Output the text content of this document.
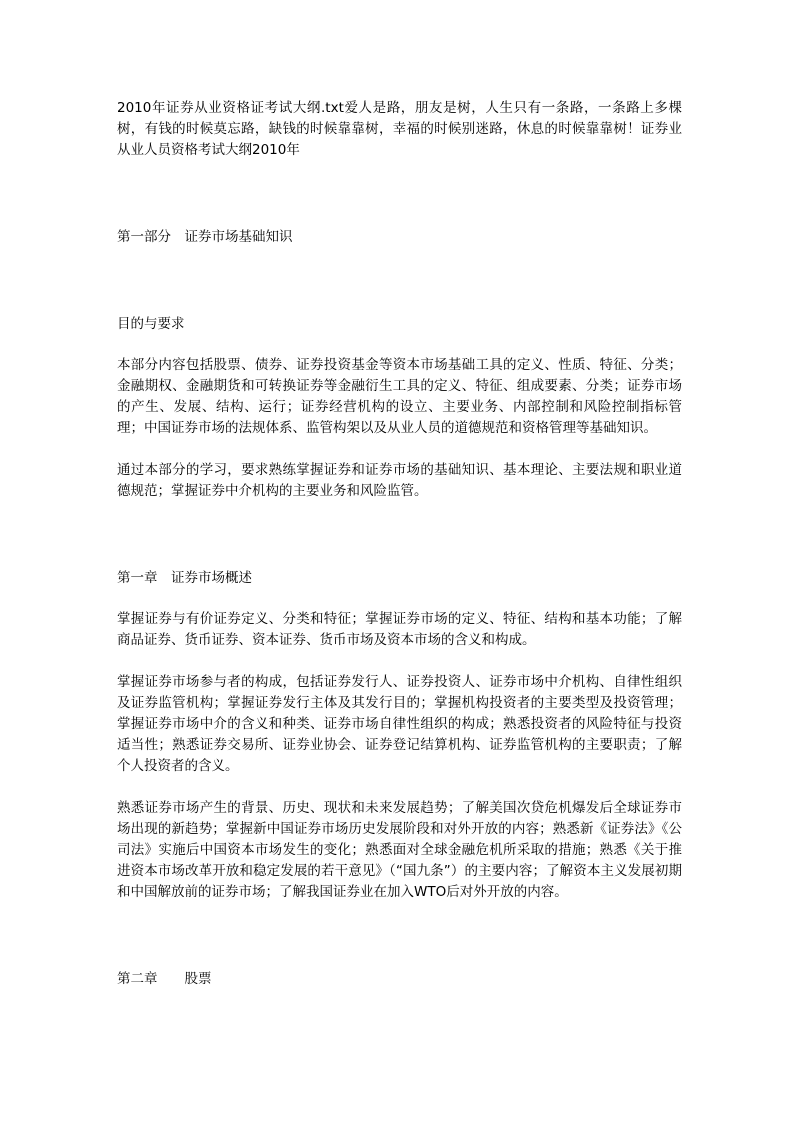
2010年证券从业资格证考试大纲.txt爱人是路，朋友是树，人生只有一条路，一条路上多棵树，有钱的时候莫忘路，缺钱的时候靠靠树，幸福的时候别迷路，休息的时候靠靠树！证券业从业人员资格考试大纲2010年

第一部分　证券市场基础知识

目的与要求

本部分内容包括股票、债券、证券投资基金等资本市场基础工具的定义、性质、特征、分类；金融期权、金融期货和可转换证券等金融衍生工具的定义、特征、组成要素、分类；证券市场的产生、发展、结构、运行；证券经营机构的设立、主要业务、内部控制和风险控制指标管理；中国证券市场的法规体系、监管构架以及从业人员的道德规范和资格管理等基础知识。

通过本部分的学习，要求熟练掌握证券和证券市场的基础知识、基本理论、主要法规和职业道德规范；掌握证券中介机构的主要业务和风险监管。

第一章　证券市场概述

掌握证券与有价证券定义、分类和特征；掌握证券市场的定义、特征、结构和基本功能；了解商品证券、货币证券、资本证券、货币市场及资本市场的含义和构成。

掌握证券市场参与者的构成，包括证券发行人、证券投资人、证券市场中介机构、自律性组织及证券监管机构；掌握证券发行主体及其发行目的；掌握机构投资者的主要类型及投资管理；掌握证券市场中介的含义和种类、证券市场自律性组织的构成；熟悉投资者的风险特征与投资适当性；熟悉证券交易所、证券业协会、证券登记结算机构、证券监管机构的主要职责；了解个人投资者的含义。

熟悉证券市场产生的背景、历史、现状和未来发展趋势；了解美国次贷危机爆发后全球证券市场出现的新趋势；掌握新中国证券市场历史发展阶段和对外开放的内容；熟悉新《证券法》《公司法》实施后中国资本市场发生的变化；熟悉面对全球金融危机所采取的措施；熟悉《关于推进资本市场改革开放和稳定发展的若干意见》（“国九条”）的主要内容；了解资本主义发展初期和中国解放前的证券市场；了解我国证券业在加入WTO后对外开放的内容。

第二章　　股票
